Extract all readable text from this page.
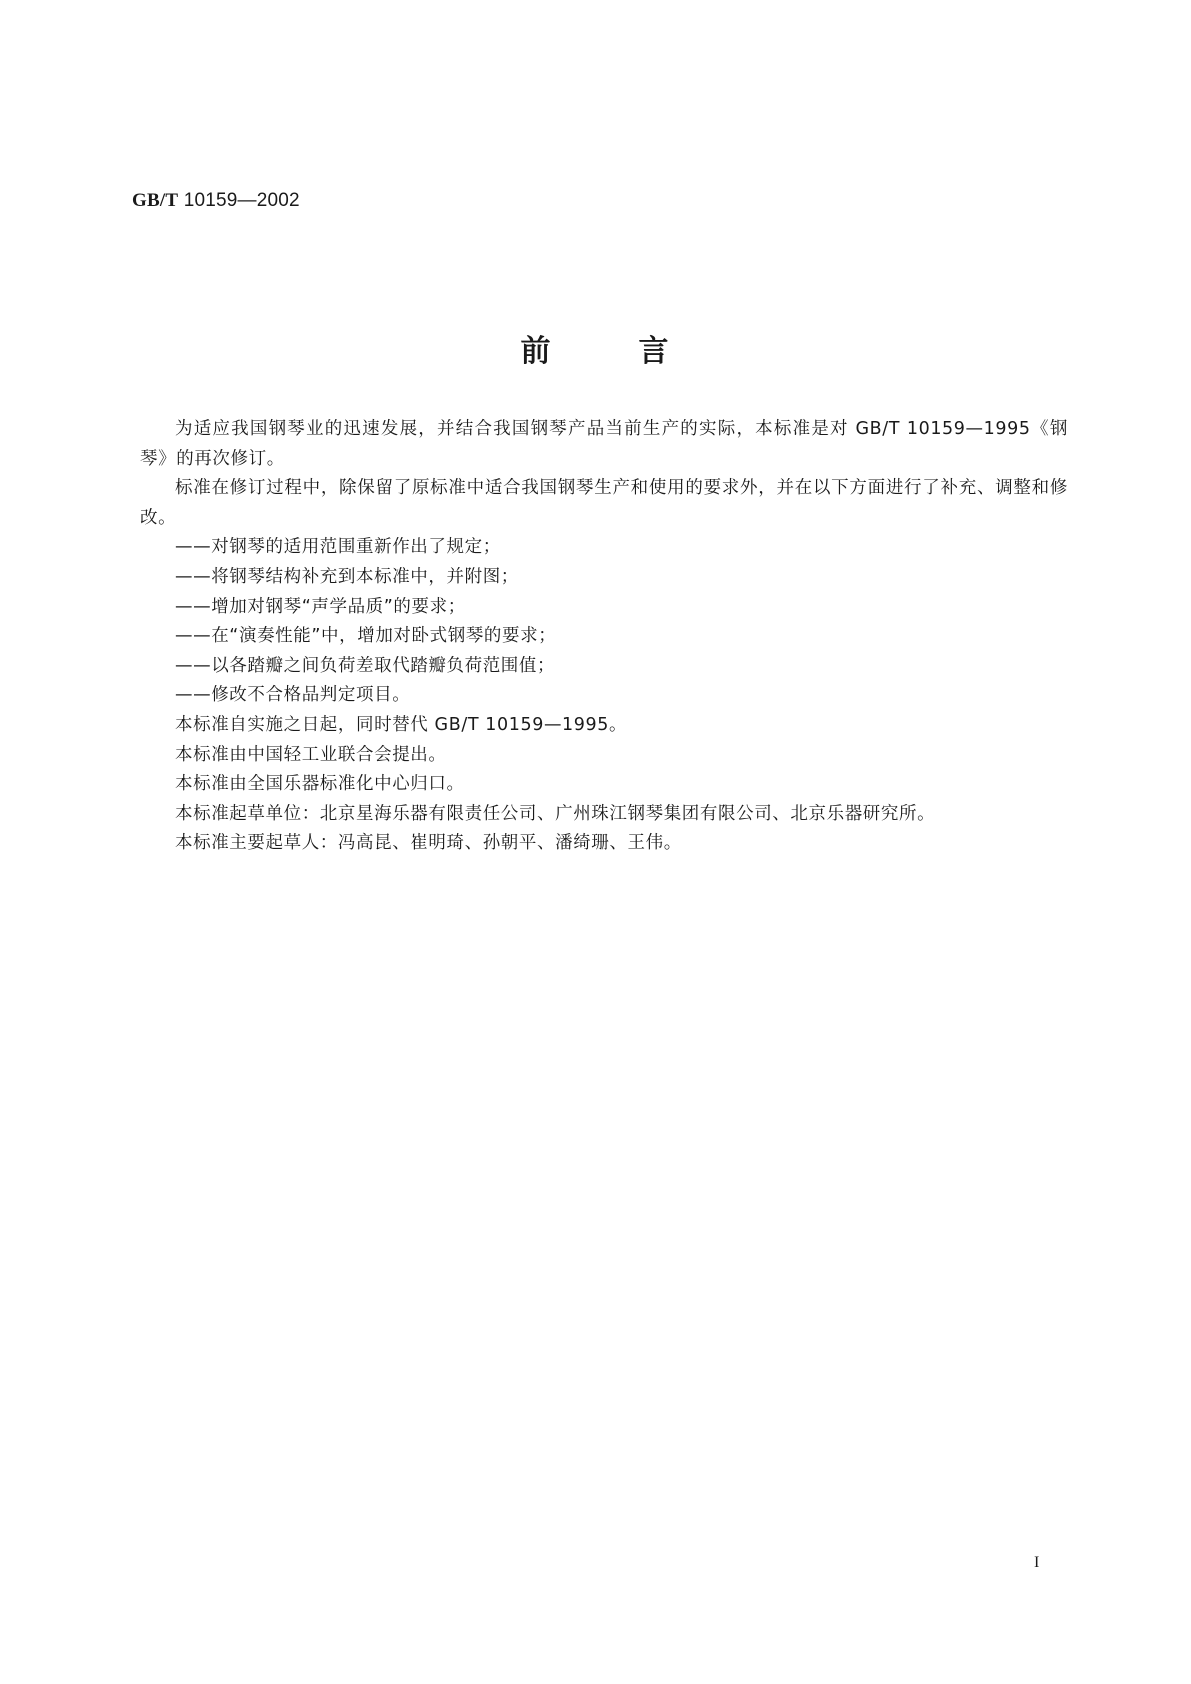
GB/T 10159—2002
前	言

为适应我国钢琴业的迅速发展，并结合我国钢琴产品当前生产的实际，本标准是对 GB/T 10159—1995《钢琴》的再次修订。

标准在修订过程中，除保留了原标准中适合我国钢琴生产和使用的要求外，并在以下方面进行了补充、调整和修改。

——对钢琴的适用范围重新作出了规定；

——将钢琴结构补充到本标准中，并附图；

——增加对钢琴“声学品质”的要求；

——在“演奏性能”中，增加对卧式钢琴的要求；

——以各踏瓣之间负荷差取代踏瓣负荷范围值；

——修改不合格品判定项目。

本标准自实施之日起，同时替代 GB/T 10159—1995。

本标准由中国轻工业联合会提出。

本标准由全国乐器标准化中心归口。

本标准起草单位：北京星海乐器有限责任公司、广州珠江钢琴集团有限公司、北京乐器研究所。

本标准主要起草人：冯高昆、崔明琦、孙朝平、潘绮珊、王伟。

I
